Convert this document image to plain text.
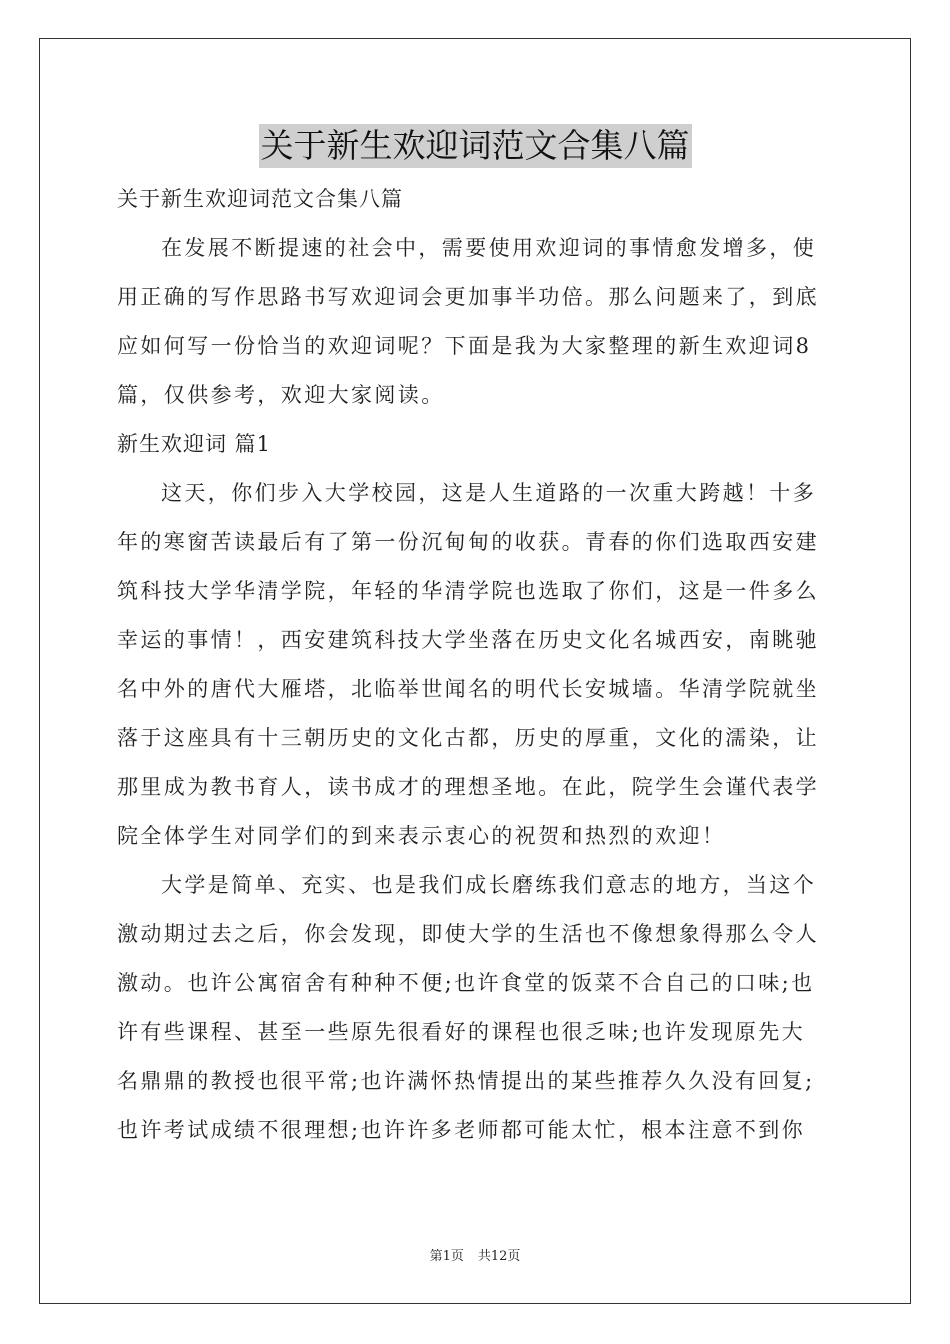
关于新生欢迎词范文合集八篇
关于新生欢迎词范文合集八篇
在发展不断提速的社会中，需要使用欢迎词的事情愈发增多，使
用正确的写作思路书写欢迎词会更加事半功倍。那么问题来了，到底
应如何写一份恰当的欢迎词呢？下面是我为大家整理的新生欢迎词8
篇，仅供参考，欢迎大家阅读。
新生欢迎词 篇1
这天，你们步入大学校园，这是人生道路的一次重大跨越！十多
年的寒窗苦读最后有了第一份沉甸甸的收获。青春的你们选取西安建
筑科技大学华清学院，年轻的华清学院也选取了你们，这是一件多么
幸运的事情！，西安建筑科技大学坐落在历史文化名城西安，南眺驰
名中外的唐代大雁塔，北临举世闻名的明代长安城墙。华清学院就坐
落于这座具有十三朝历史的文化古都，历史的厚重，文化的濡染，让
那里成为教书育人，读书成才的理想圣地。在此，院学生会谨代表学
院全体学生对同学们的到来表示衷心的祝贺和热烈的欢迎！
大学是简单、充实、也是我们成长磨练我们意志的地方，当这个
激动期过去之后，你会发现，即使大学的生活也不像想象得那么令人
激动。也许公寓宿舍有种种不便;也许食堂的饭菜不合自己的口味;也
许有些课程、甚至一些原先很看好的课程也很乏味;也许发现原先大
名鼎鼎的教授也很平常;也许满怀热情提出的某些推荐久久没有回复;
也许考试成绩不很理想;也许许多老师都可能太忙，根本注意不到你
第1页 共12页
